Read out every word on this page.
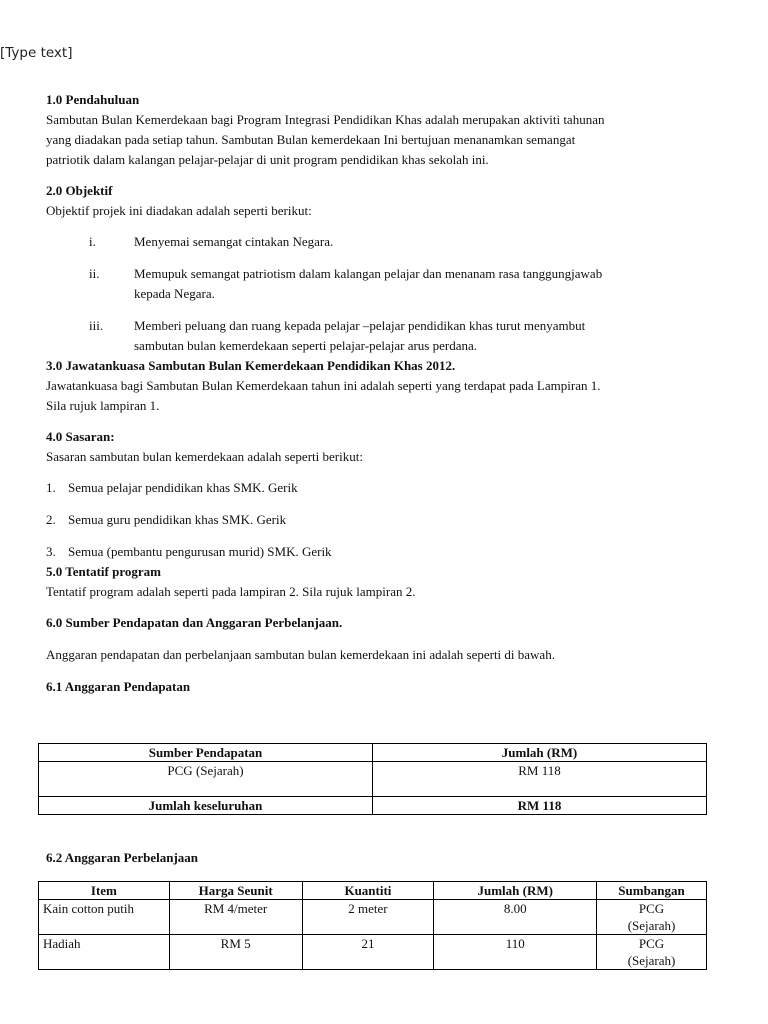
[Type text]
1.0 Pendahuluan

Sambutan Bulan Kemerdekaan bagi Program Integrasi Pendidikan Khas adalah merupakan aktiviti tahunan

yang diadakan pada setiap tahun. Sambutan Bulan kemerdekaan Ini bertujuan menanamkan semangat

patriotik dalam kalangan pelajar-pelajar di unit program pendidikan khas sekolah ini.

2.0 Objektif

Objektif projek ini diadakan adalah seperti berikut:

i.	Menyemai semangat cintakan Negara.
ii.	Memupuk semangat patriotism dalam kalangan pelajar dan menanam rasa tanggungjawab
kepada Negara.
iii.	Memberi peluang dan ruang kepada pelajar –pelajar pendidikan khas turut menyambut
sambutan bulan kemerdekaan seperti pelajar-pelajar arus perdana.
3.0 Jawatankuasa Sambutan Bulan Kemerdekaan Pendidikan Khas 2012.

Jawatankuasa bagi Sambutan Bulan Kemerdekaan tahun ini adalah seperti yang terdapat pada Lampiran 1.

Sila rujuk lampiran 1.

4.0 Sasaran:

Sasaran sambutan bulan kemerdekaan adalah seperti berikut:

1. Semua pelajar pendidikan khas SMK. Gerik
2. Semua guru pendidikan khas SMK. Gerik
3. Semua (pembantu pengurusan murid) SMK. Gerik
5.0 Tentatif program

Tentatif program adalah seperti pada lampiran 2. Sila rujuk lampiran 2.

6.0 Sumber Pendapatan dan Anggaran Perbelanjaan.

Anggaran pendapatan dan perbelanjaan sambutan bulan kemerdekaan ini adalah seperti di bawah.

6.1 Anggaran Pendapatan
Sumber Pendapatan	Jumlah (RM)
PCG (Sejarah)	RM 118
Jumlah keseluruhan	RM 118
6.2 Anggaran Perbelanjaan
Item	Harga Seunit	Kuantiti	Jumlah (RM)	Sumbangan
Kain cotton putih	RM 4/meter	2 meter	8.00	PCG
(Sejarah)
Hadiah	RM 5	21	110	PCG
(Sejarah)
